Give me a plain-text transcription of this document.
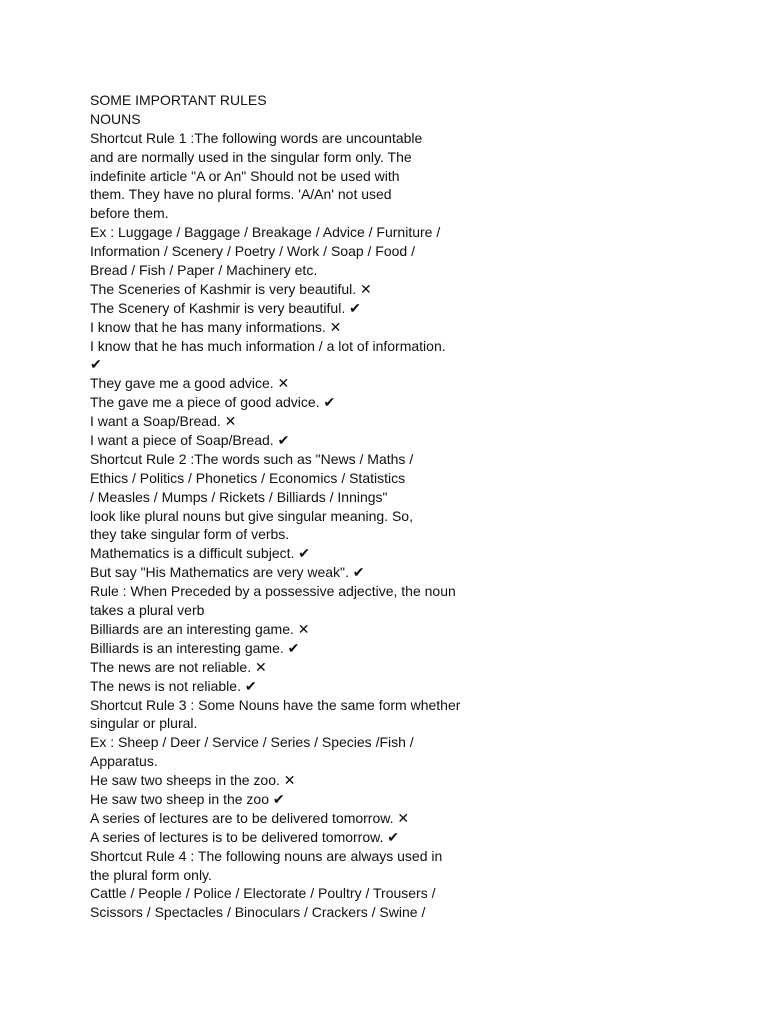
SOME IMPORTANT RULES
NOUNS
Shortcut Rule 1 :The following words are uncountable
and are normally used in the singular form only. The
indefinite article "A or An" Should not be used with
them. They have no plural forms. 'A/An' not used
before them.
Ex : Luggage / Baggage / Breakage / Advice / Furniture /
Information / Scenery / Poetry / Work / Soap / Food /
Bread / Fish / Paper / Machinery etc.
The Sceneries of Kashmir is very beautiful. ✕
The Scenery of Kashmir is very beautiful. ✔
I know that he has many informations. ✕
I know that he has much information / a lot of information.
✔
They gave me a good advice. ✕
The gave me a piece of good advice. ✔
I want a Soap/Bread. ✕
I want a piece of Soap/Bread. ✔
Shortcut Rule 2 :The words such as "News / Maths /
Ethics / Politics / Phonetics / Economics / Statistics
/ Measles / Mumps / Rickets / Billiards / Innings"
look like plural nouns but give singular meaning. So,
they take singular form of verbs.
Mathematics is a difficult subject. ✔
But say "His Mathematics are very weak". ✔
Rule : When Preceded by a possessive adjective, the noun
takes a plural verb
Billiards are an interesting game. ✕
Billiards is an interesting game. ✔
The news are not reliable. ✕
The news is not reliable. ✔
Shortcut Rule 3 : Some Nouns have the same form whether
singular or plural.
Ex : Sheep / Deer / Service / Series / Species /Fish /
Apparatus.
He saw two sheeps in the zoo. ✕
He saw two sheep in the zoo ✔
A series of lectures are to be delivered tomorrow. ✕
A series of lectures is to be delivered tomorrow. ✔
Shortcut Rule 4 : The following nouns are always used in
the plural form only.
Cattle / People / Police / Electorate / Poultry / Trousers /
Scissors / Spectacles / Binoculars / Crackers / Swine /
